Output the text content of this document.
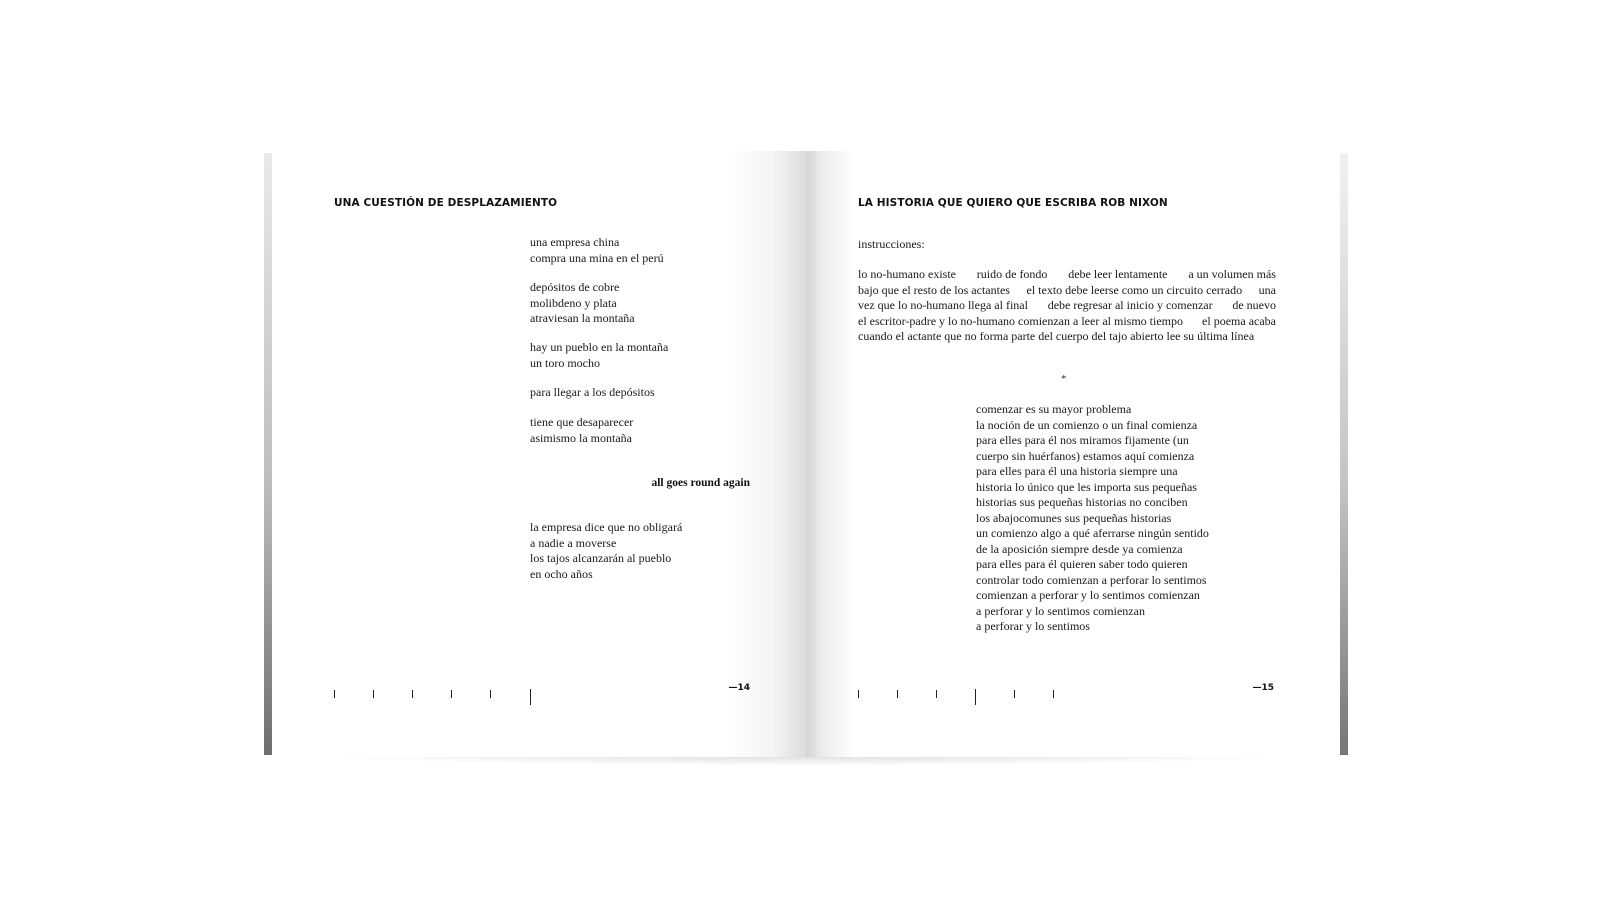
UNA CUESTIÓN DE DESPLAZAMIENTO
una empresa china
compra una mina en el perú
depósitos de cobre
molibdeno y plata
atraviesan la montaña
hay un pueblo en la montaña
un toro mocho
para llegar a los depósitos
tiene que desaparecer
asimismo la montaña
all goes round again
la empresa dice que no obligará
a nadie a moverse
los tajos alcanzarán al pueblo
en ocho años
—14
LA HISTORIA QUE QUIERO QUE ESCRIBA ROB NIXON
instrucciones:
lo no-humano existe ruido de fondo debe leer lentamente a un volumen más
bajo que el resto de los actantes el texto debe leerse como un circuito cerrado una
vez que lo no-humano llega al final debe regresar al inicio y comenzar de nuevo
el escritor-padre y lo no-humano comienzan a leer al mismo tiempo el poema acaba
cuando el actante que no forma parte del cuerpo del tajo abierto lee su última línea
*
comenzar es su mayor problema
la noción de un comienzo o un final comienza
para elles para él nos miramos fijamente (un
cuerpo sin huérfanos) estamos aquí comienza
para elles para él una historia siempre una
historia lo único que les importa sus pequeñas
historias sus pequeñas historias no conciben
los abajocomunes sus pequeñas historias
un comienzo algo a qué aferrarse ningún sentido
de la aposición siempre desde ya comienza
para elles para él quieren saber todo quieren
controlar todo comienzan a perforar lo sentimos
comienzan a perforar y lo sentimos comienzan
a perforar y lo sentimos comienzan
a perforar y lo sentimos
—15
